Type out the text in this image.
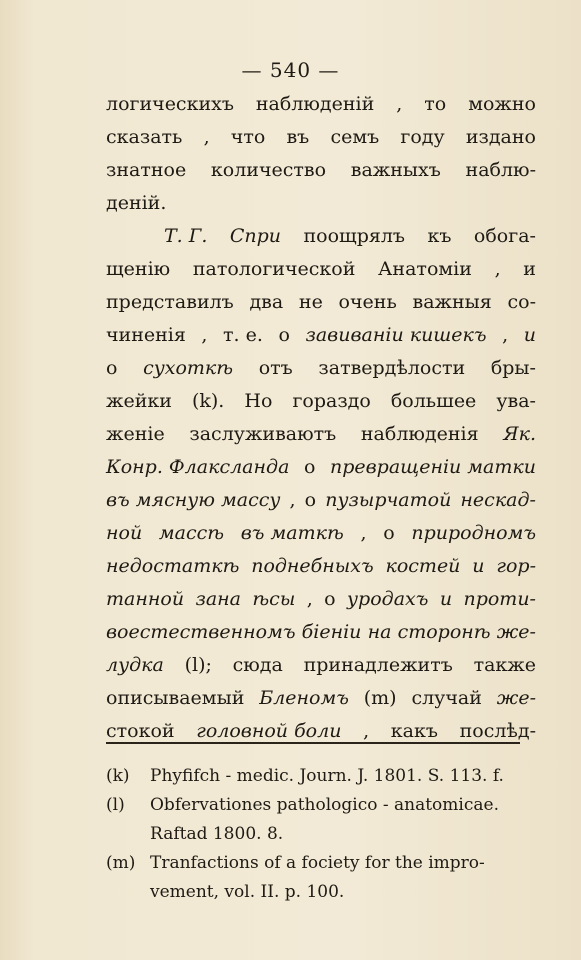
— 540 —
логическихъ наблюденій , то можно
сказать , что въ семъ году издано
знатное количество важныхъ наблю-
деній.
Т. Г. Спри поощрялъ къ обога-
щенію патологической Анатоміи , и
представилъ два не очень важныя со-
чиненія , т. е. о завиваніи кишекъ , и
о сухоткѣ отъ затвердѣлости бры-
жейки (k). Но гораздо большее ува-
женіе заслуживаютъ наблюденія Як.
Конр. Флаксланда о превращеніи матки
въ мясную массу , о пузырчатой нескад-
ной массѣ въ маткѣ , о природномъ
недостаткѣ поднебныхъ костей и гор-
танной зана ѣсы , о уродахъ и проти-
воестественномъ біеніи на сторонѣ же-
лудка (l); сюда принадлежитъ также
описываемый Бленомъ (m) случай же-
стокой головной боли , какъ послѣд-
(k) Phyfifch - medic. Journ. J. 1801. S. 113. f.
(l) Obfervationes pathologico - anatomicae. Raftad 1800. 8.
(m) Tranfactions of a fociety for the impro- vement, vol. II. p. 100.
